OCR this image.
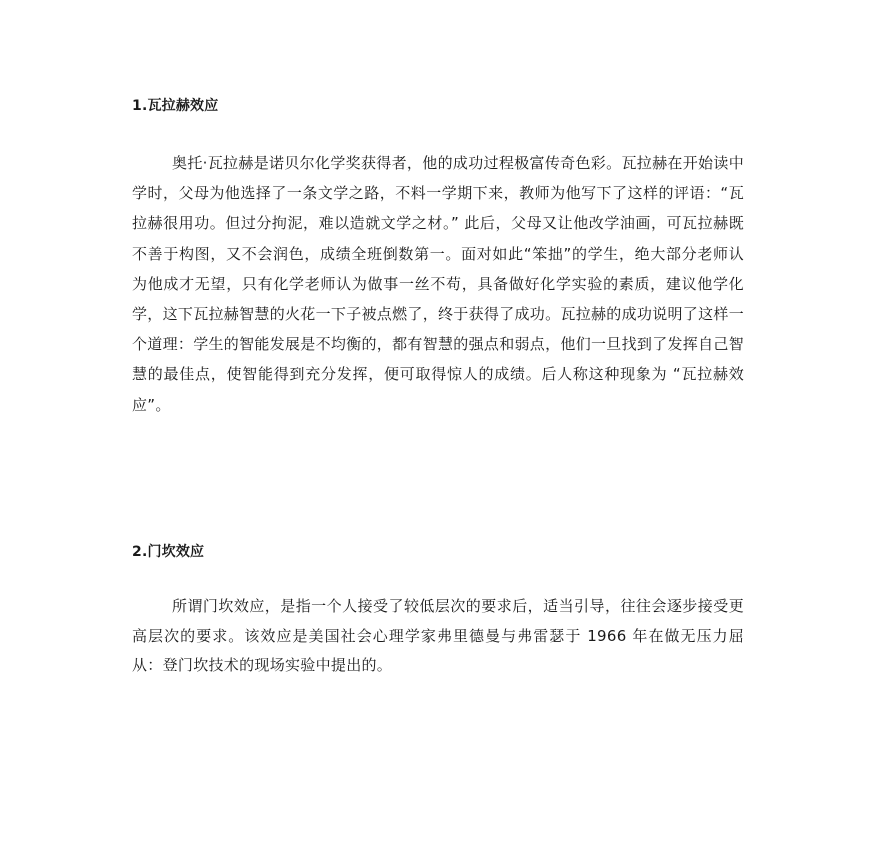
1.瓦拉赫效应

奥托·瓦拉赫是诺贝尔化学奖获得者，他的成功过程极富传奇色彩。瓦拉赫在开始读中学时，父母为他选择了一条文学之路，不料一学期下来，教师为他写下了这样的评语：“瓦拉赫很用功。但过分拘泥，难以造就文学之材。” 此后，父母又让他改学油画，可瓦拉赫既不善于构图，又不会润色，成绩全班倒数第一。面对如此“笨拙”的学生，绝大部分老师认为他成才无望，只有化学老师认为做事一丝不苟，具备做好化学实验的素质，建议他学化学，这下瓦拉赫智慧的火花一下子被点燃了，终于获得了成功。瓦拉赫的成功说明了这样一个道理：学生的智能发展是不均衡的，都有智慧的强点和弱点，他们一旦找到了发挥自己智慧的最佳点，使智能得到充分发挥，便可取得惊人的成绩。后人称这种现象为 “瓦拉赫效应”。

2.门坎效应

所谓门坎效应，是指一个人接受了较低层次的要求后，适当引导，往往会逐步接受更高层次的要求。该效应是美国社会心理学家弗里德曼与弗雷瑟于 1966 年在做无压力屈从：登门坎技术的现场实验中提出的。
